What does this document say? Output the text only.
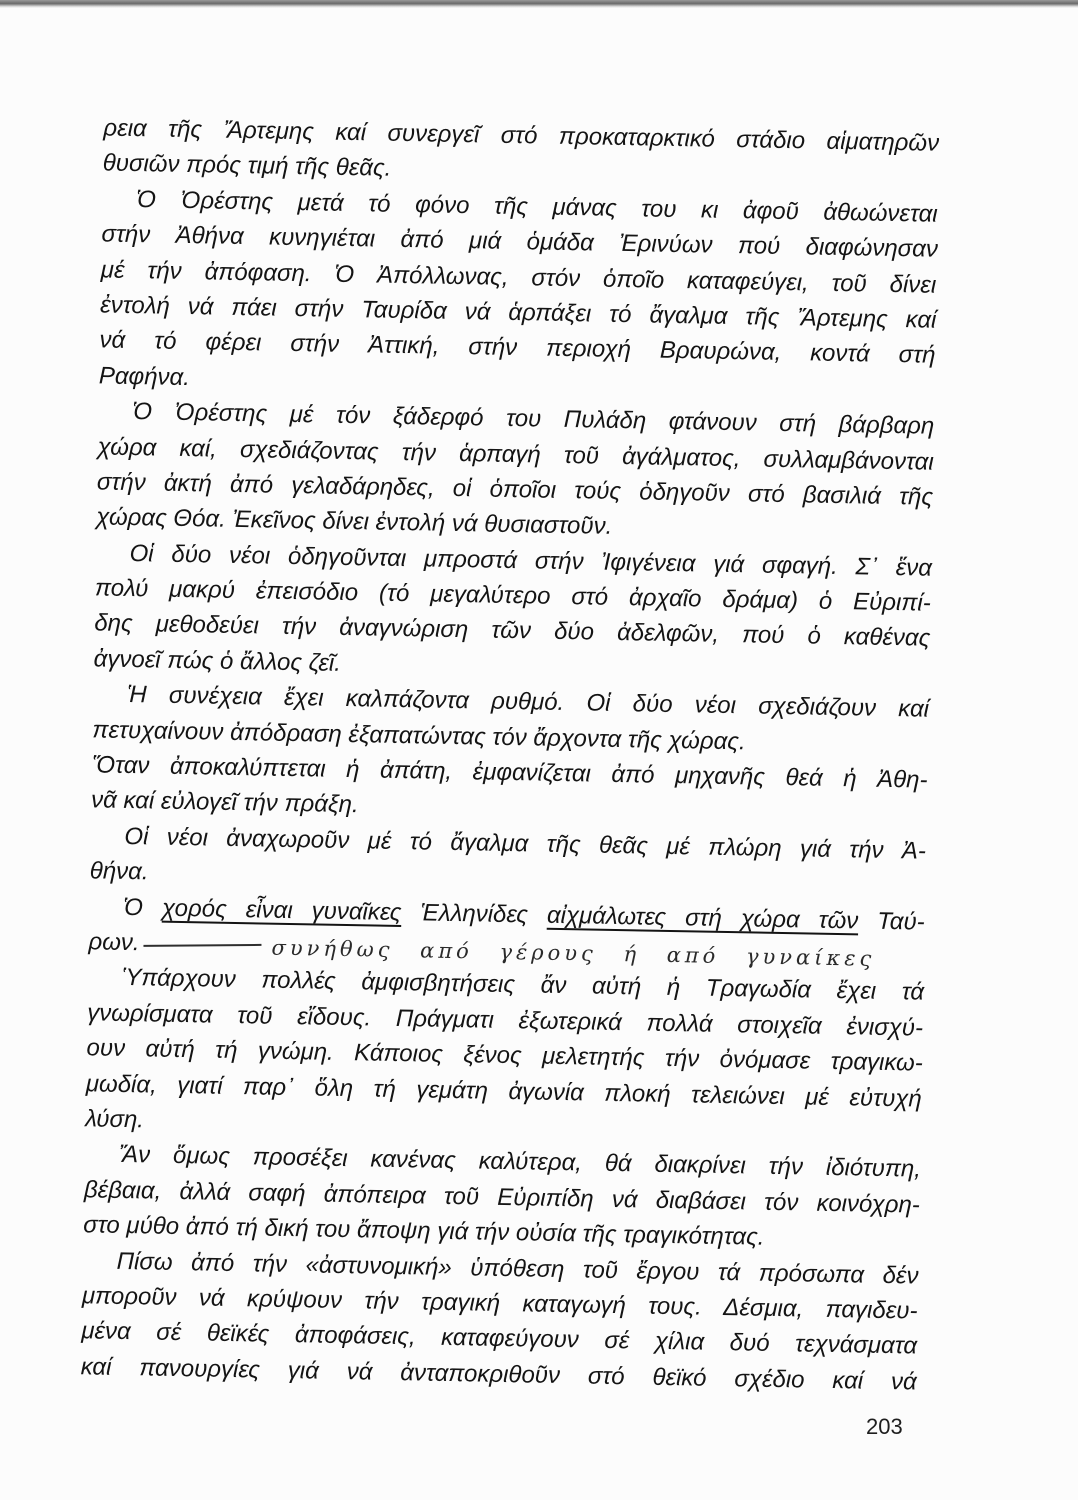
ρεια τῆς Ἄρτεμης καί συνεργεῖ στό προκαταρκτικό στάδιο αἱματηρῶν
θυσιῶν πρός τιμή τῆς θεᾶς.
Ὁ Ὀρέστης μετά τό φόνο τῆς μάνας του κι ἀφοῦ ἀθωώνεται
στήν Ἀθήνα κυνηγιέται ἀπό μιά ὁμάδα Ἐρινύων πού διαφώνησαν
μέ τήν ἀπόφαση. Ὁ Ἀπόλλωνας, στόν ὁποῖο καταφεύγει, τοῦ δίνει
ἐντολή νά πάει στήν Ταυρίδα νά ἁρπάξει τό ἄγαλμα τῆς Ἄρτεμης καί
νά τό φέρει στήν Ἀττική, στήν περιοχή Βραυρώνα, κοντά στή
Ραφήνα.
Ὁ Ὀρέστης μέ τόν ξάδερφό του Πυλάδη φτάνουν στή βάρβαρη
χώρα καί, σχεδιάζοντας τήν ἁρπαγή τοῦ ἀγάλματος, συλλαμβάνονται
στήν ἀκτή ἀπό γελαδάρηδες, οἱ ὁποῖοι τούς ὁδηγοῦν στό βασιλιά τῆς
χώρας Θόα. Ἐκεῖνος δίνει ἐντολή νά θυσιαστοῦν.
Οἱ δύο νέοι ὁδηγοῦνται μπροστά στήν Ἰφιγένεια γιά σφαγή. Σ᾿ ἕνα
πολύ μακρύ ἐπεισόδιο (τό μεγαλύτερο στό ἀρχαῖο δράμα) ὁ Εὐριπί-
δης μεθοδεύει τήν ἀναγνώριση τῶν δύο ἀδελφῶν, πού ὁ καθένας
ἀγνοεῖ πώς ὁ ἄλλος ζεῖ.
Ἡ συνέχεια ἔχει καλπάζοντα ρυθμό. Οἱ δύο νέοι σχεδιάζουν καί
πετυχαίνουν ἀπόδραση ἐξαπατώντας τόν ἄρχοντα τῆς χώρας.
Ὅταν ἀποκαλύπτεται ἡ ἀπάτη, ἐμφανίζεται ἀπό μηχανῆς θεά ἡ Ἀθη-
νᾶ καί εὐλογεῖ τήν πράξη.
Οἱ νέοι ἀναχωροῦν μέ τό ἄγαλμα τῆς θεᾶς μέ πλώρη γιά τήν Ἀ-
θήνα.
Ὁ χορός εἶναι γυναῖκες Ἑλληνίδες αἰχμάλωτες στή χώρα τῶν Ταύ-
ρων.	συνήθως από γέρους ή από γυναίκες
Ὑπάρχουν πολλές ἀμφισβητήσεις ἄν αὐτή ἡ Τραγωδία ἔχει τά
γνωρίσματα τοῦ εἴδους. Πράγματι ἐξωτερικά πολλά στοιχεῖα ἐνισχύ-
ουν αὐτή τή γνώμη. Κάποιος ξένος μελετητής τήν ὀνόμασε τραγικω-
μωδία, γιατί παρ᾿ ὅλη τή γεμάτη ἀγωνία πλοκή τελειώνει μέ εὐτυχή
λύση.
Ἄν ὅμως προσέξει κανένας καλύτερα, θά διακρίνει τήν ἰδιότυπη,
βέβαια, ἀλλά σαφή ἀπόπειρα τοῦ Εὐριπίδη νά διαβάσει τόν κοινόχρη-
στο μύθο ἀπό τή δική του ἄποψη γιά τήν οὐσία τῆς τραγικότητας.
Πίσω ἀπό τήν «ἀστυνομική» ὑπόθεση τοῦ ἔργου τά πρόσωπα δέν
μποροῦν νά κρύψουν τήν τραγική καταγωγή τους. Δέσμια, παγιδευ-
μένα σέ θεϊκές ἀποφάσεις, καταφεύγουν σέ χίλια δυό τεχνάσματα
καί πανουργίες γιά νά ἀνταποκριθοῦν στό θεϊκό σχέδιο καί νά
203
